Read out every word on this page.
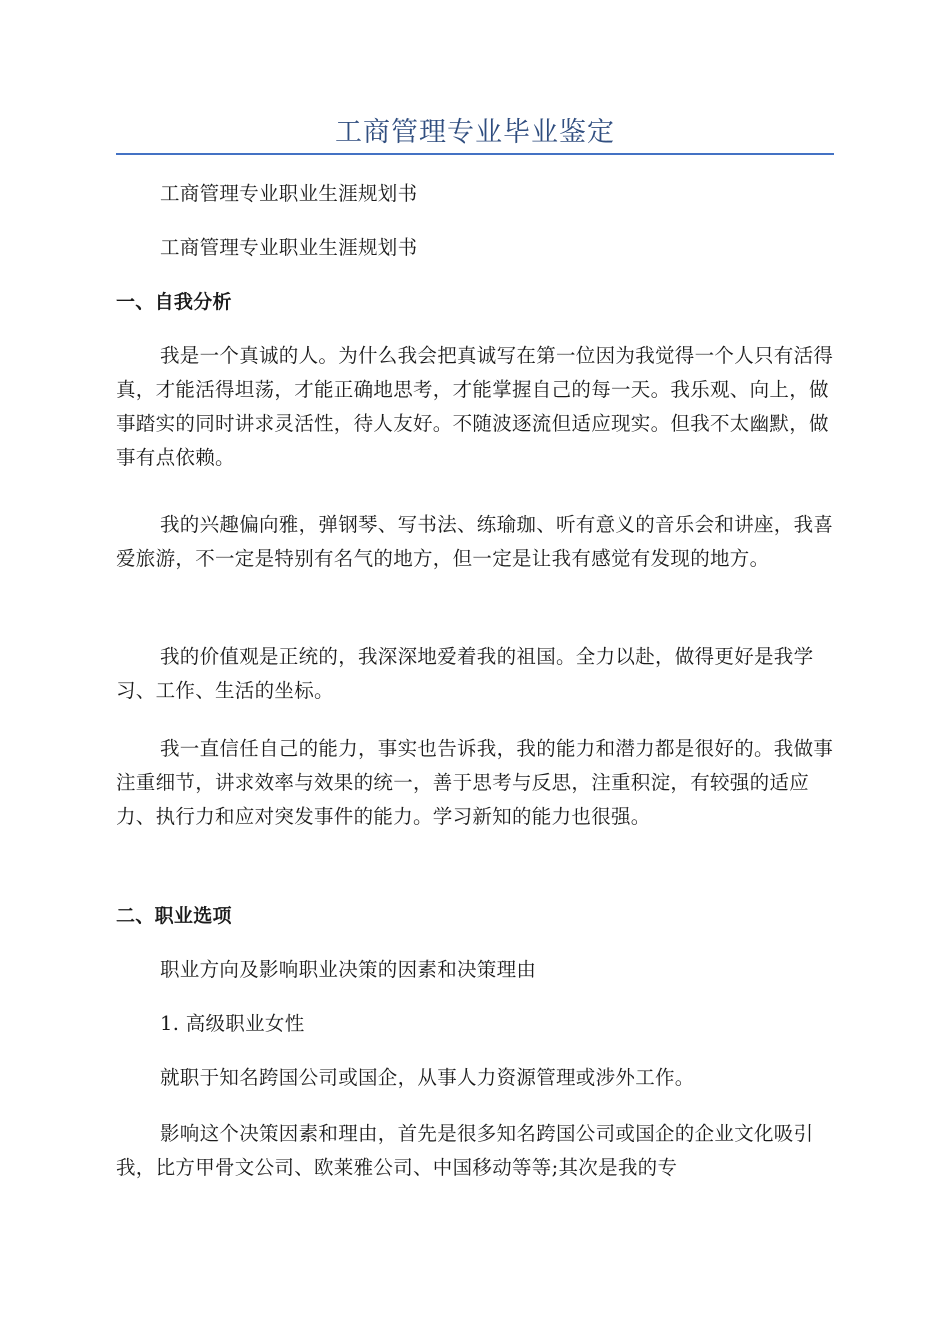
工商管理专业毕业鉴定

工商管理专业职业生涯规划书

工商管理专业职业生涯规划书

一、自我分析

我是一个真诚的人。为什么我会把真诚写在第一位因为我觉得一个人只有活得真，才能活得坦荡，才能正确地思考，才能掌握自己的每一天。我乐观、向上，做事踏实的同时讲求灵活性，待人友好。不随波逐流但适应现实。但我不太幽默，做事有点依赖。

我的兴趣偏向雅，弹钢琴、写书法、练瑜珈、听有意义的音乐会和讲座，我喜爱旅游，不一定是特别有名气的地方，但一定是让我有感觉有发现的地方。

我的价值观是正统的，我深深地爱着我的祖国。全力以赴，做得更好是我学习、工作、生活的坐标。

我一直信任自己的能力，事实也告诉我，我的能力和潜力都是很好的。我做事注重细节，讲求效率与效果的统一，善于思考与反思，注重积淀，有较强的适应力、执行力和应对突发事件的能力。学习新知的能力也很强。

二、职业选项

职业方向及影响职业决策的因素和决策理由

1. 高级职业女性

就职于知名跨国公司或国企，从事人力资源管理或涉外工作。

影响这个决策因素和理由，首先是很多知名跨国公司或国企的企业文化吸引我，比方甲骨文公司、欧莱雅公司、中国移动等等;其次是我的专
